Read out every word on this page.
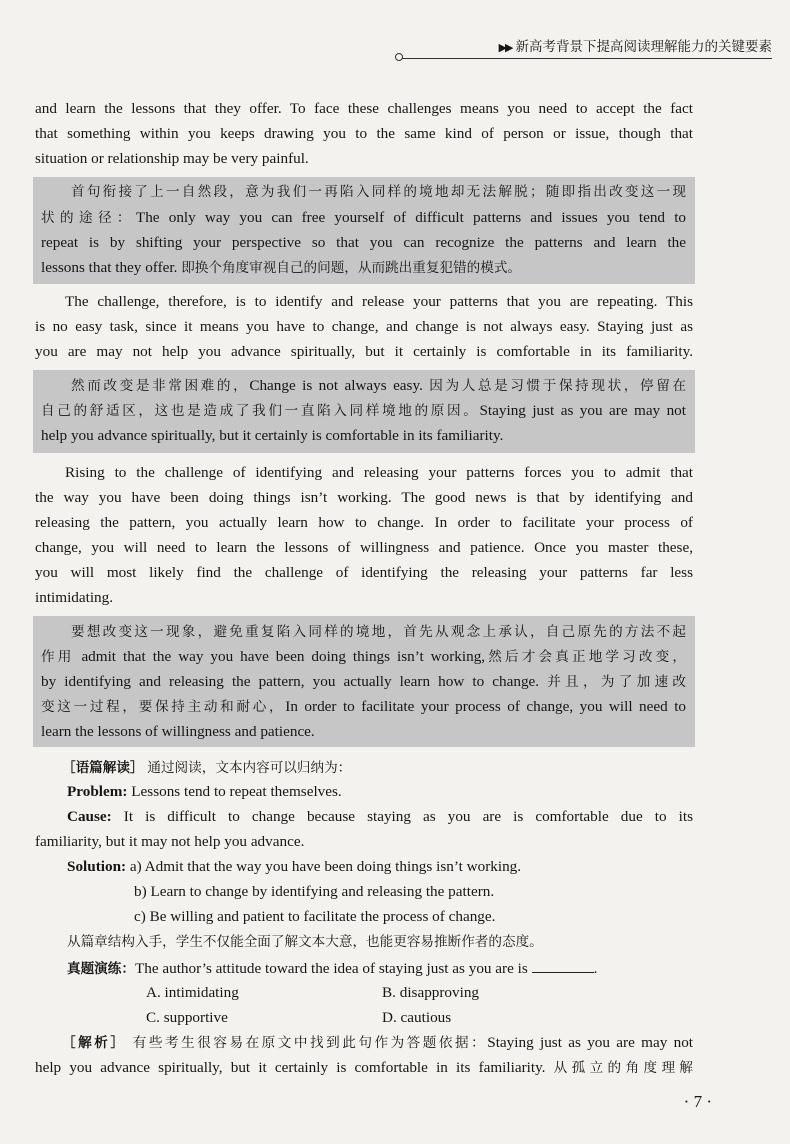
▶▶ 新高考背景下提高阅读理解能力的关键要素
and learn the lessons that they offer. To face these challenges means you need to accept the fact
that something within you keeps drawing you to the same kind of person or issue, though that
situation or relationship may be very painful.
首句衔接了上一自然段，意为我们一再陷入同样的境地却无法解脱；随即指出改变这一现
状的途径：The only way you can free yourself of difficult patterns and issues you tend to
repeat is by shifting your perspective so that you can recognize the patterns and learn the
lessons that they offer. 即换个角度审视自己的问题，从而跳出重复犯错的模式。
The challenge, therefore, is to identify and release your patterns that you are repeating. This
is no easy task, since it means you have to change, and change is not always easy. Staying just as
you are may not help you advance spiritually, but it certainly is comfortable in its familiarity.
然而改变是非常困难的，Change is not always easy. 因为人总是习惯于保持现状，停留在
自己的舒适区，这也是造成了我们一直陷入同样境地的原因。Staying just as you are may not
help you advance spiritually, but it certainly is comfortable in its familiarity.
Rising to the challenge of identifying and releasing your patterns forces you to admit that
the way you have been doing things isn’t working. The good news is that by identifying and
releasing the pattern, you actually learn how to change. In order to facilitate your process of
change, you will need to learn the lessons of willingness and patience. Once you master these,
you will most likely find the challenge of identifying the releasing your patterns far less
intimidating.
要想改变这一现象，避免重复陷入同样的境地，首先从观念上承认，自己原先的方法不起
作用 admit that the way you have been doing things isn’t working,然后才会真正地学习改变，
by identifying and releasing the pattern, you actually learn how to change. 并且，为了加速改
变这一过程，要保持主动和耐心，In order to facilitate your process of change, you will need to
learn the lessons of willingness and patience.
［语篇解读］ 通过阅读，文本内容可以归纳为：
Problem: Lessons tend to repeat themselves.
Cause: It is difficult to change because staying as you are is comfortable due to its
familiarity, but it may not help you advance.
Solution: a) Admit that the way you have been doing things isn’t working.
b) Learn to change by identifying and releasing the pattern.
c) Be willing and patient to facilitate the process of change.
从篇章结构入手，学生不仅能全面了解文本大意，也能更容易推断作者的态度。
真题演练：The author’s attitude toward the idea of staying just as you are is	.
A. intimidating	B. disapproving
C. supportive	D. cautious
［解析］ 有些考生很容易在原文中找到此句作为答题依据：Staying just as you are may not
help you advance spiritually, but it certainly is comfortable in its familiarity. 从孤立的角度理解
· 7 ·
